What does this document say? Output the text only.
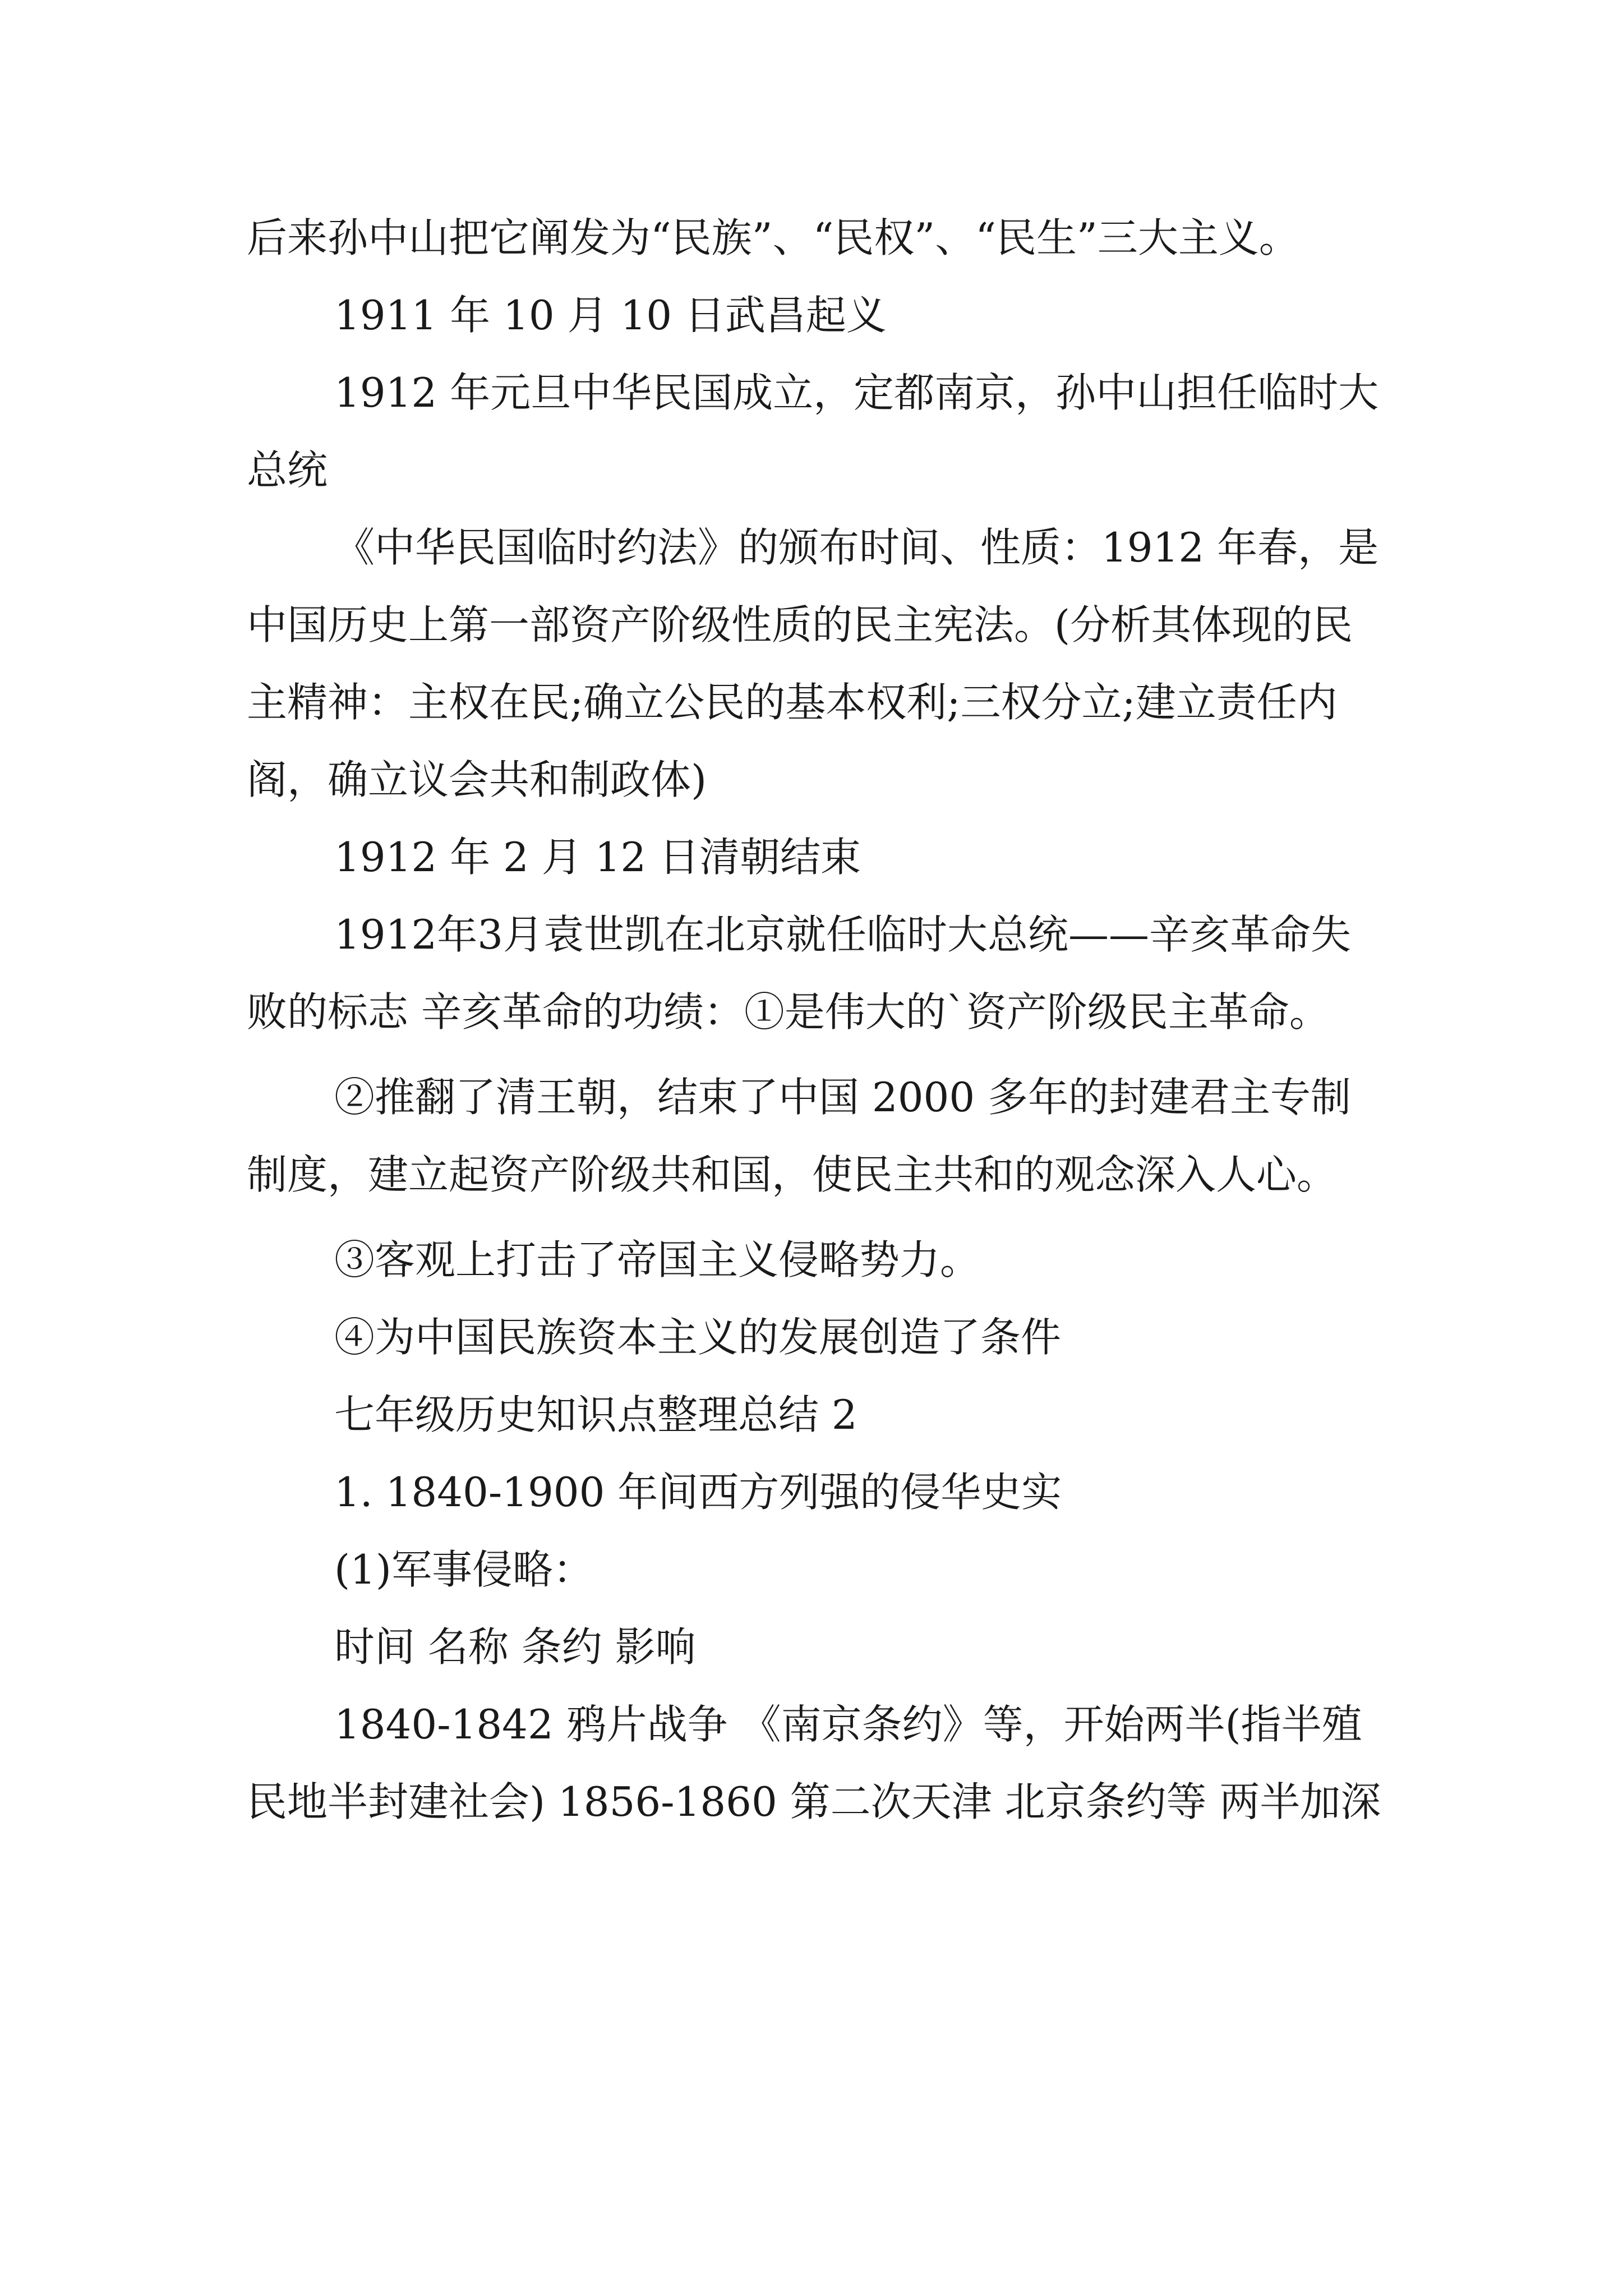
后来孙中山把它阐发为“民族”、“民权”、“民生”三大主义。

1911 年 10 月 10 日武昌起义

1912 年元旦中华民国成立，定都南京，孙中山担任临时大总统

《中华民国临时约法》的颁布时间、性质：1912 年春，是中国历史上第一部资产阶级性质的民主宪法。(分析其体现的民主精神：主权在民;确立公民的基本权利;三权分立;建立责任内阁，确立议会共和制政体)

1912 年 2 月 12 日清朝结束

1912年3月袁世凯在北京就任临时大总统——辛亥革命失败的标志 辛亥革命的功绩：①是伟大的`资产阶级民主革命。

②推翻了清王朝，结束了中国 2000 多年的封建君主专制制度，建立起资产阶级共和国，使民主共和的观念深入人心。

③客观上打击了帝国主义侵略势力。

④为中国民族资本主义的发展创造了条件

七年级历史知识点整理总结 2

1. 1840-1900 年间西方列强的侵华史实

(1)军事侵略：

时间 名称 条约 影响

1840-1842 鸦片战争 《南京条约》等，开始两半(指半殖民地半封建社会) 1856-1860 第二次天津 北京条约等 两半加深
